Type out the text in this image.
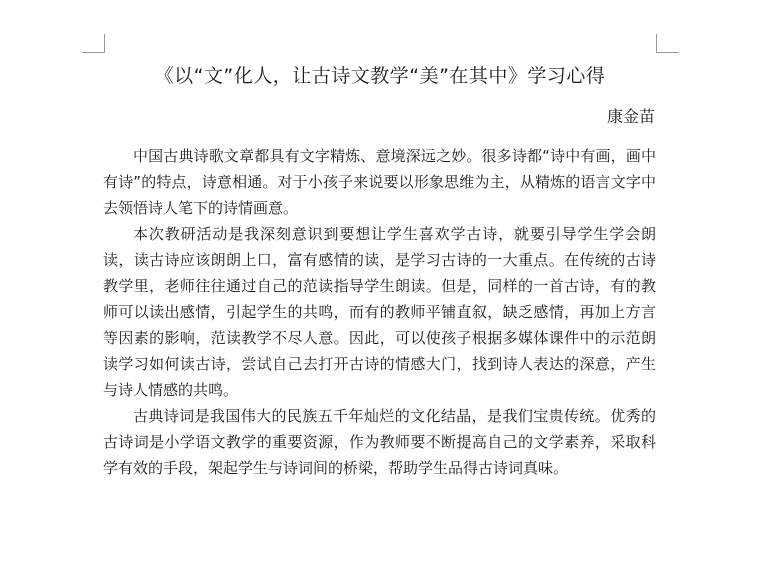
《以“文”化人，让古诗文教学“美”在其中》学习心得
康金苗

中国古典诗歌文章都具有文字精炼、意境深远之妙。很多诗都“诗中有画，画中有诗”的特点，诗意相通。对于小孩子来说要以形象思维为主，从精炼的语言文字中去领悟诗人笔下的诗情画意。

本次教研活动是我深刻意识到要想让学生喜欢学古诗，就要引导学生学会朗读，读古诗应该朗朗上口，富有感情的读，是学习古诗的一大重点。在传统的古诗教学里，老师往往通过自己的范读指导学生朗读。但是，同样的一首古诗，有的教师可以读出感情，引起学生的共鸣，而有的教师平铺直叙，缺乏感情，再加上方言等因素的影响，范读教学不尽人意。因此，可以使孩子根据多媒体课件中的示范朗读学习如何读古诗，尝试自己去打开古诗的情感大门，找到诗人表达的深意，产生与诗人情感的共鸣。

古典诗词是我国伟大的民族五千年灿烂的文化结晶，是我们宝贵传统。优秀的古诗词是小学语文教学的重要资源，作为教师要不断提高自己的文学素养，采取科学有效的手段，架起学生与诗词间的桥梁，帮助学生品得古诗词真味。
